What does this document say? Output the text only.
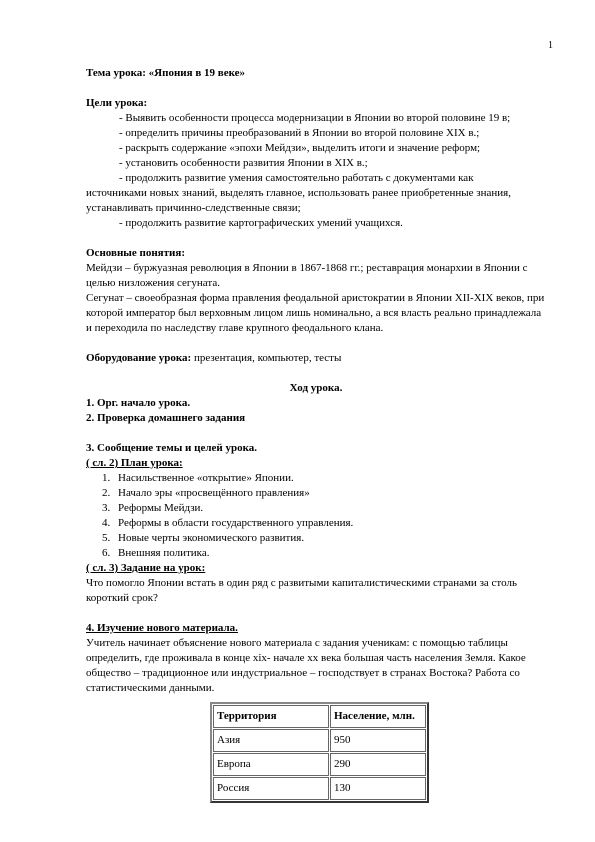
1

Тема урока: «Япония в 19 веке»

Цели урока:

- Выявить особенности процесса модернизации в Японии во второй половине 19 в;

- определить причины преобразований в Японии во второй половине XIX в.;

- раскрыть содержание «эпохи Мейдзи», выделить итоги и значение реформ;

- установить особенности развития Японии в XIX в.;

- продолжить развитие умения самостоятельно работать с документами как

источниками новых знаний, выделять главное, использовать ранее приобретенные знания, устанавливать причинно-следственные связи;

- продолжить развитие картографических умений учащихся.

Основные понятия:

Мейдзи – буржуазная революция в Японии в 1867-1868 гг.; реставрация монархии в Японии с целью низложения сегуната.

Сегунат – своеобразная форма правления феодальной аристократии в Японии XII-XIX веков, при которой император был верховным лицом лишь номинально, а вся власть реально принадлежала и переходила по наследству главе крупного феодального клана.

Оборудование урока: презентация, компьютер, тесты

Ход урока.

1. Орг. начало урока.

2. Проверка домашнего задания

3. Сообщение темы и целей урока.

( сл. 2) План урока:

1. Насильственное «открытие» Японии.
2. Начало эры «просвещённого правления»
3. Реформы Мейдзи.
4. Реформы в области государственного управления.
5. Новые черты экономического развития.
6. Внешняя политика.

( сл. 3) Задание на урок:

Что помогло Японии встать в один ряд с развитыми капиталистическими странами за столь короткий срок?

4. Изучение нового материала.

Учитель начинает объяснение нового материала с задания ученикам: с помощью таблицы определить, где проживала в конце xix- начале xx века большая часть населения Земля. Какое общество – традиционное или индустриальное – господствует в странах Востока? Работа со статистическими данными.

Территория	Население, млн.
Азия	950
Европа	290
Россия	130
